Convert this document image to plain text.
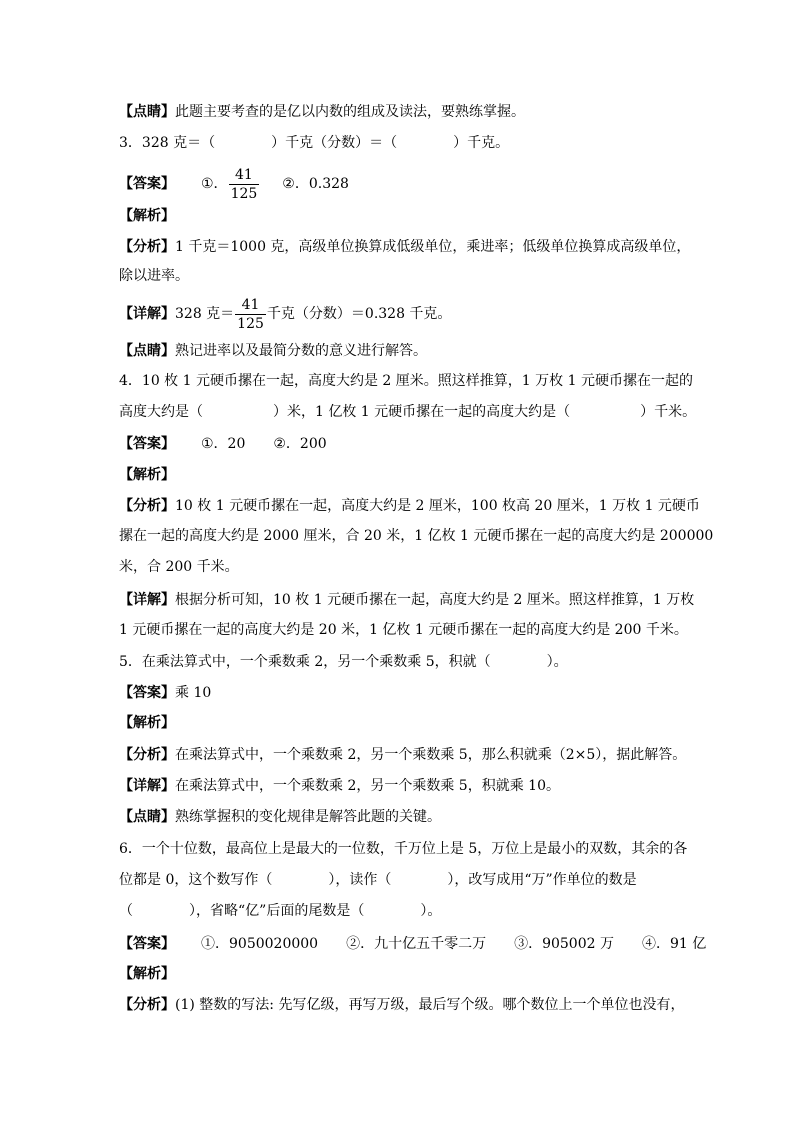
【点睛】此题主要考查的是亿以内数的组成及读法，要熟练掌握。
3．328 克＝（　　　　）千克（分数）＝（　　　　）千克。
【答案】 ①． $\frac{41}{125}$ ②．0.328
【解析】
【分析】1 千克＝1000 克，高级单位换算成低级单位，乘进率；低级单位换算成高级单位，
除以进率。
【详解】328 克＝ $\frac{41}{125}$ 千克（分数）＝0.328 千克。
【点睛】熟记进率以及最简分数的意义进行解答。
4．10 枚 1 元硬币摞在一起，高度大约是 2 厘米。照这样推算，1 万枚 1 元硬币摞在一起的
高度大约是（　　　　　）米，1 亿枚 1 元硬币摞在一起的高度大约是（　　　　　）千米。
【答案】 ①．20　　②．200
【解析】
【分析】10 枚 1 元硬币摞在一起，高度大约是 2 厘米，100 枚高 20 厘米，1 万枚 1 元硬币
摞在一起的高度大约是 2000 厘米，合 20 米，1 亿枚 1 元硬币摞在一起的高度大约是 200000
米，合 200 千米。
【详解】根据分析可知，10 枚 1 元硬币摞在一起，高度大约是 2 厘米。照这样推算，1 万枚
1 元硬币摞在一起的高度大约是 20 米，1 亿枚 1 元硬币摞在一起的高度大约是 200 千米。
5．在乘法算式中，一个乘数乘 2，另一个乘数乘 5，积就（　　　　）。
【答案】乘 10
【解析】
【分析】在乘法算式中，一个乘数乘 2，另一个乘数乘 5，那么积就乘（2×5），据此解答。
【详解】在乘法算式中，一个乘数乘 2，另一个乘数乘 5，积就乘 10。
【点睛】熟练掌握积的变化规律是解答此题的关键。
6．一个十位数，最高位上是最大的一位数，千万位上是 5，万位上是最小的双数，其余的各
位都是 0，这个数写作（　　　　），读作（　　　　），改写成用“万”作单位的数是
（　　　　），省略“亿”后面的尾数是（　　　　）。
【答案】 ①．9050020000　　②．九十亿五千零二万　　③．905002 万　　④．91 亿
【解析】
【分析】(1) 整数的写法: 先写亿级，再写万级，最后写个级。哪个数位上一个单位也没有，
